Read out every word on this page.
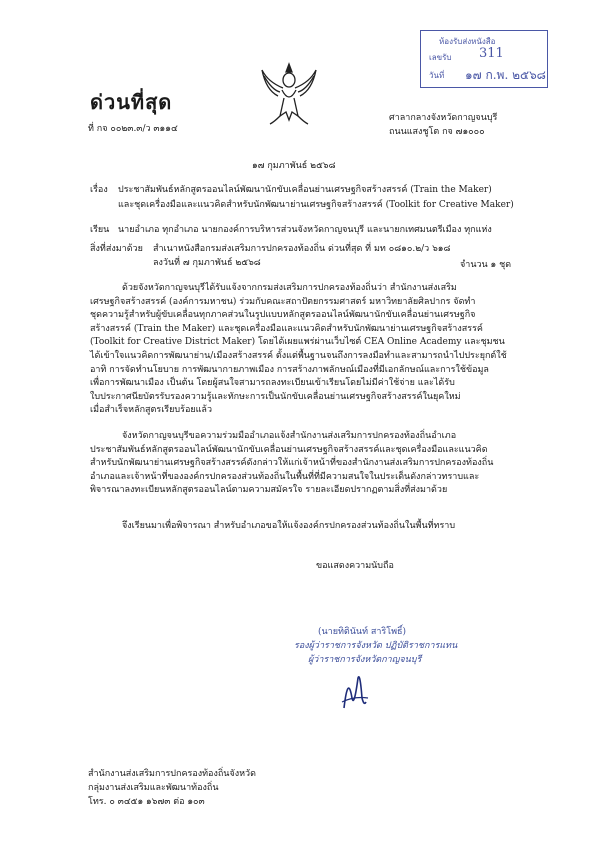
ห้องรับส่งหนังสือ
เลขรับ 311
วันที่ ๑๗ ก.พ. ๒๕๖๘
ด่วนที่สุด
ที่ กจ ๐๐๒๓.๓/ว ๓๑๑๔
ศาลากลางจังหวัดกาญจนบุรี
ถนนแสงชูโต กจ ๗๑๐๐๐
๑๗ กุมภาพันธ์ ๒๕๖๘
เรื่อง ประชาสัมพันธ์หลักสูตรออนไลน์พัฒนานักขับเคลื่อนย่านเศรษฐกิจสร้างสรรค์ (Train the Maker)
และชุดเครื่องมือและแนวคิดสำหรับนักพัฒนาย่านเศรษฐกิจสร้างสรรค์ (Toolkit for Creative Maker)
เรียน นายอำเภอ ทุกอำเภอ นายกองค์การบริหารส่วนจังหวัดกาญจนบุรี และนายกเทศมนตรีเมือง ทุกแห่ง
สิ่งที่ส่งมาด้วย สำเนาหนังสือกรมส่งเสริมการปกครองท้องถิ่น ด่วนที่สุด ที่ มท ๐๘๑๐.๒/ว ๖๑๘
ลงวันที่ ๗ กุมภาพันธ์ ๒๕๖๘	จำนวน ๑ ชุด
ด้วยจังหวัดกาญจนบุรีได้รับแจ้งจากกรมส่งเสริมการปกครองท้องถิ่นว่า สำนักงานส่งเสริม
เศรษฐกิจสร้างสรรค์ (องค์การมหาชน) ร่วมกับคณะสถาปัตยกรรมศาสตร์ มหาวิทยาลัยศิลปากร จัดทำ
ชุดความรู้สำหรับผู้ขับเคลื่อนทุกภาคส่วนในรูปแบบหลักสูตรออนไลน์พัฒนานักขับเคลื่อนย่านเศรษฐกิจ
สร้างสรรค์ (Train the Maker) และชุดเครื่องมือและแนวคิดสำหรับนักพัฒนาย่านเศรษฐกิจสร้างสรรค์
(Toolkit for Creative District Maker) โดยได้เผยแพร่ผ่านเว็บไซต์ CEA Online Academy และชุมชน
ได้เข้าใจแนวคิดการพัฒนาย่าน/เมืองสร้างสรรค์ ตั้งแต่พื้นฐานจนถึงการลงมือทำและสามารถนำไปประยุกต์ใช้
อาทิ การจัดทำนโยบาย การพัฒนากายภาพเมือง การสร้างภาพลักษณ์เมืองที่มีเอกลักษณ์และการใช้ข้อมูล
เพื่อการพัฒนาเมือง เป็นต้น โดยผู้สนใจสามารถลงทะเบียนเข้าเรียนโดยไม่มีค่าใช้จ่าย และได้รับ
ใบประกาศนียบัตรรับรองความรู้และทักษะการเป็นนักขับเคลื่อนย่านเศรษฐกิจสร้างสรรค์ในยุคใหม่
เมื่อสำเร็จหลักสูตรเรียบร้อยแล้ว
จังหวัดกาญจนบุรีขอความร่วมมืออำเภอแจ้งสำนักงานส่งเสริมการปกครองท้องถิ่นอำเภอ
ประชาสัมพันธ์หลักสูตรออนไลน์พัฒนานักขับเคลื่อนย่านเศรษฐกิจสร้างสรรค์และชุดเครื่องมือและแนวคิด
สำหรับนักพัฒนาย่านเศรษฐกิจสร้างสรรค์ดังกล่าวให้แก่เจ้าหน้าที่ของสำนักงานส่งเสริมการปกครองท้องถิ่น
อำเภอและเจ้าหน้าที่ขององค์กรปกครองส่วนท้องถิ่นในพื้นที่ที่มีความสนใจในประเด็นดังกล่าวทราบและ
พิจารณาลงทะเบียนหลักสูตรออนไลน์ตามความสมัครใจ รายละเอียดปรากฏตามสิ่งที่ส่งมาด้วย
จึงเรียนมาเพื่อพิจารณา สำหรับอำเภอขอให้แจ้งองค์กรปกครองส่วนท้องถิ่นในพื้นที่ทราบ
ขอแสดงความนับถือ
(นายทิตินันท์ สาริโพธิ์)
รองผู้ว่าราชการจังหวัด ปฏิบัติราชการแทน
ผู้ว่าราชการจังหวัดกาญจนบุรี
สำนักงานส่งเสริมการปกครองท้องถิ่นจังหวัด
กลุ่มงานส่งเสริมและพัฒนาท้องถิ่น
โทร. ๐ ๓๔๕๑ ๑๖๗๓ ต่อ ๑๐๓
